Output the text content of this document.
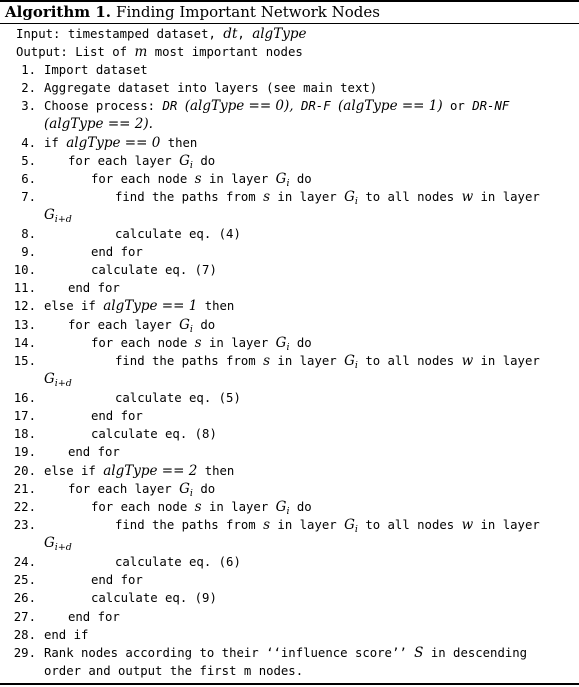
Algorithm 1. Finding Important Network Nodes
Input: timestamped dataset, dt, algType
Output: List of m most important nodes
1. Import dataset
2. Aggregate dataset into layers (see main text)
3. Choose process: DR (algType == 0), DR-F (algType == 1) or DR-NF
(algType == 2).
4. if algType == 0 then
5.	for each layer $G_i$ do
6.	for each node s in layer $G_i$ do
7.	find the paths from s in layer $G_i$ to all nodes w in layer
$G_{i+d}$
8.	calculate eq. (4)
9.	end for
10.	calculate eq. (7)
11.	end for
12. else if algType == 1 then
13.	for each layer $G_i$ do
14.	for each node s in layer $G_i$ do
15.	find the paths from s in layer $G_i$ to all nodes w in layer
$G_{i+d}$
16.	calculate eq. (5)
17.	end for
18.	calculate eq. (8)
19.	end for
20. else if algType == 2 then
21.	for each layer $G_i$ do
22.	for each node s in layer $G_i$ do
23.	find the paths from s in layer $G_i$ to all nodes w in layer
$G_{i+d}$
24.	calculate eq. (6)
25.	end for
26.	calculate eq. (9)
27.	end for
28. end if
29. Rank nodes according to their ‘‘influence score’’ S in descending
order and output the first m nodes.
